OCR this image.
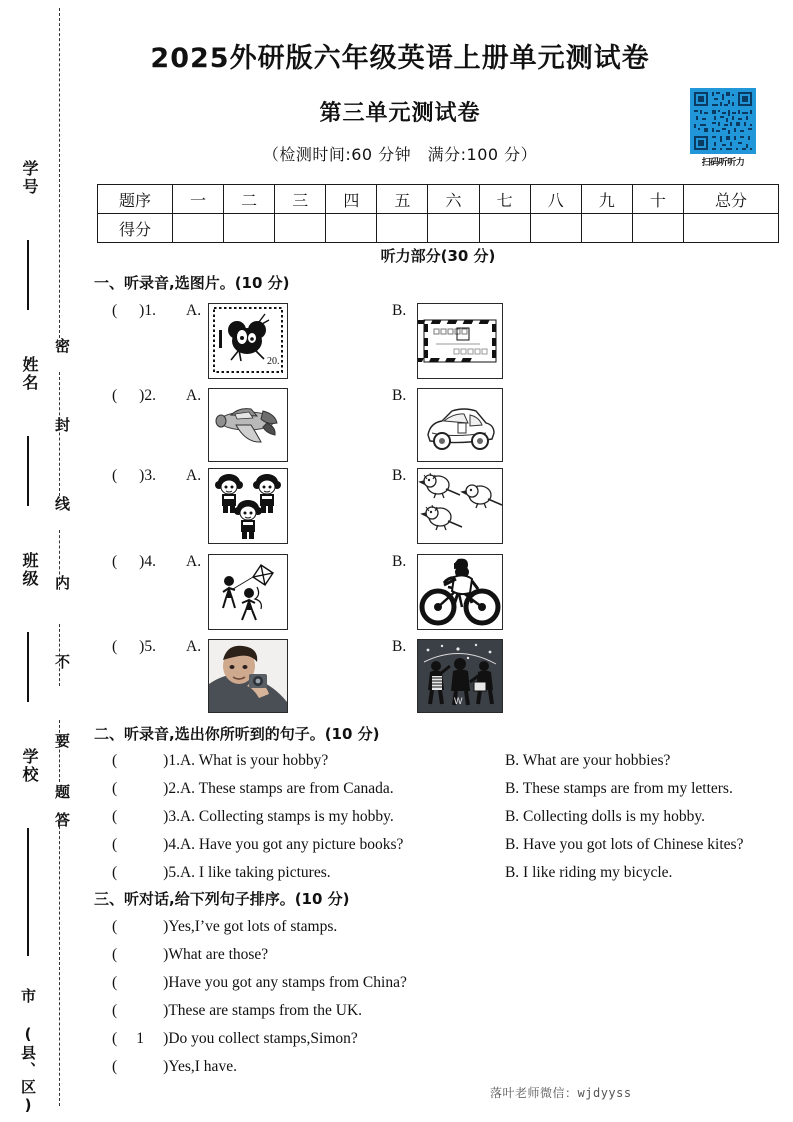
密
封
线
内
不
要
答
题
学号
姓名
班级
学校
市 (县、区)
2025外研版六年级英语上册单元测试卷
第三单元测试卷
（检测时间:60 分钟　满分:100 分）	扫码听听力
题序	一	二	三	四	五	六	七	八	九	十	总分
得分											
听力部分(30 分)
一、听录音,选图片。(10 分)
( )1. A.
20.
B.
( )2. A.	B.
( )3. A.	B.
( )4. A.	B.
( )5. A.	B.
W
二、听录音,选出你所听到的句子。(10 分)
(	)1.A. What is your hobby?	B. What are your hobbies?
(	)2.A. These stamps are from Canada.	B. These stamps are from my letters.
(	)3.A. Collecting stamps is my hobby.	B. Collecting dolls is my hobby.
(	)4.A. Have you got any picture books?	B. Have you got lots of Chinese kites?
(	)5.A. I like taking pictures.	B. I like riding my bicycle.
三、听对话,给下列句子排序。(10 分)
(	)Yes,I’ve got lots of stamps.
(	)What are those?
(	)Have you got any stamps from China?
(	)These are stamps from the UK.
( 1 )Do you collect stamps,Simon?
(	)Yes,I have.
落叶老师微信：wjdyyss
